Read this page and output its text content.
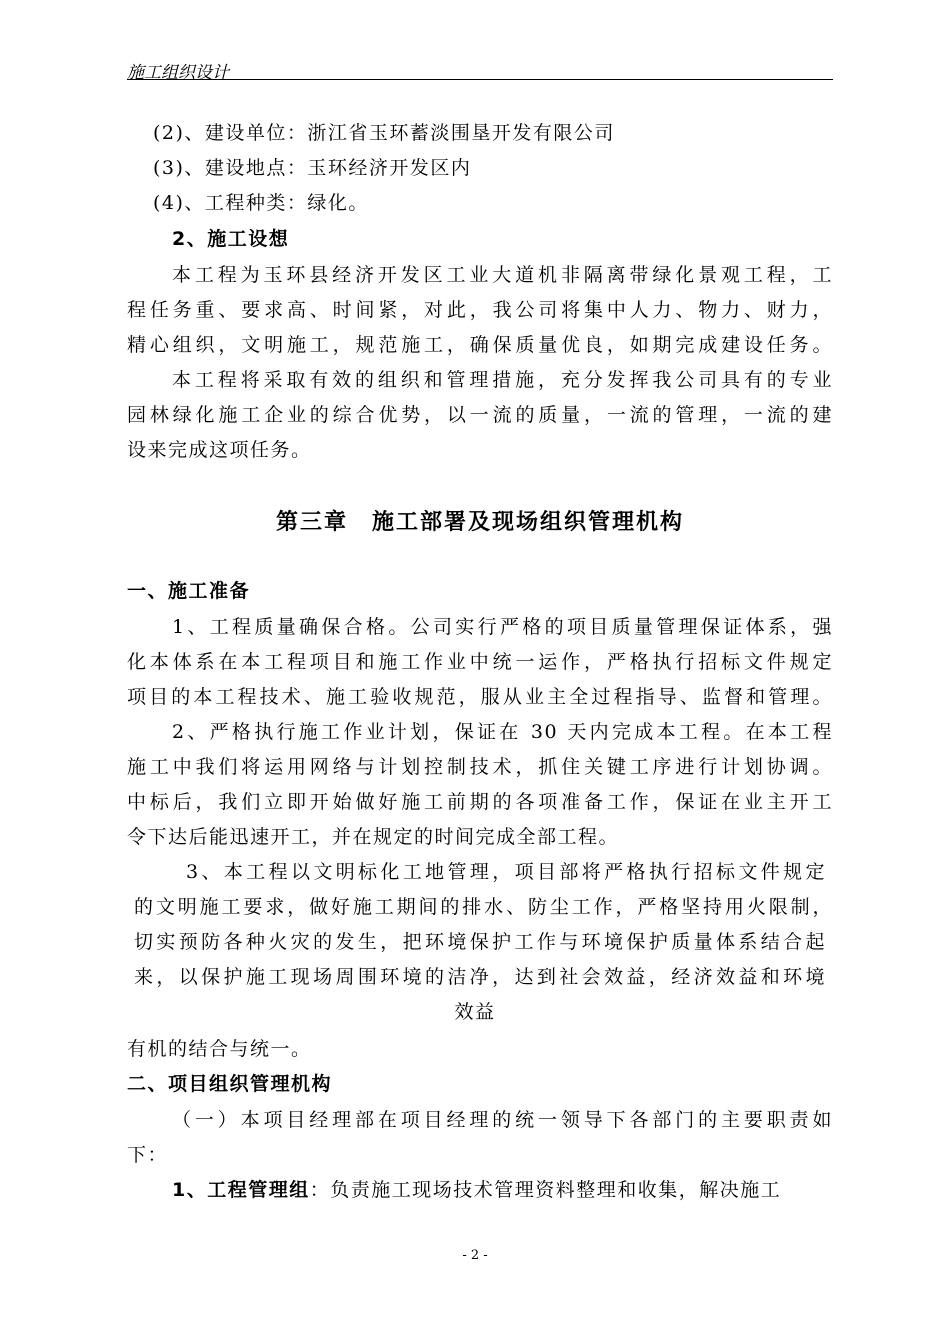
施工组织设计
(2)、建设单位：浙江省玉环蓄淡围垦开发有限公司
(3)、建设地点：玉环经济开发区内
(4)、工程种类：绿化。
2、施工设想
本工程为玉环县经济开发区工业大道机非隔离带绿化景观工程，工
程任务重、要求高、时间紧，对此，我公司将集中人力、物力、财力，
精心组织，文明施工，规范施工，确保质量优良，如期完成建设任务。
本工程将采取有效的组织和管理措施，充分发挥我公司具有的专业
园林绿化施工企业的综合优势，以一流的质量，一流的管理，一流的建
设来完成这项任务。
第三章　施工部署及现场组织管理机构
一、施工准备
1、工程质量确保合格。公司实行严格的项目质量管理保证体系，强
化本体系在本工程项目和施工作业中统一运作，严格执行招标文件规定
项目的本工程技术、施工验收规范，服从业主全过程指导、监督和管理。
2、严格执行施工作业计划，保证在 30 天内完成本工程。在本工程
施工中我们将运用网络与计划控制技术，抓住关键工序进行计划协调。
中标后，我们立即开始做好施工前期的各项准备工作，保证在业主开工
令下达后能迅速开工，并在规定的时间完成全部工程。
3、本工程以文明标化工地管理，项目部将严格执行招标文件规定
的文明施工要求，做好施工期间的排水、防尘工作，严格坚持用火限制，
切实预防各种火灾的发生，把环境保护工作与环境保护质量体系结合起
来，以保护施工现场周围环境的洁净，达到社会效益，经济效益和环境
效益
有机的结合与统一。
二、项目组织管理机构
（一）本项目经理部在项目经理的统一领导下各部门的主要职责如
下：
1、工程管理组：负责施工现场技术管理资料整理和收集，解决施工
- 2 -
